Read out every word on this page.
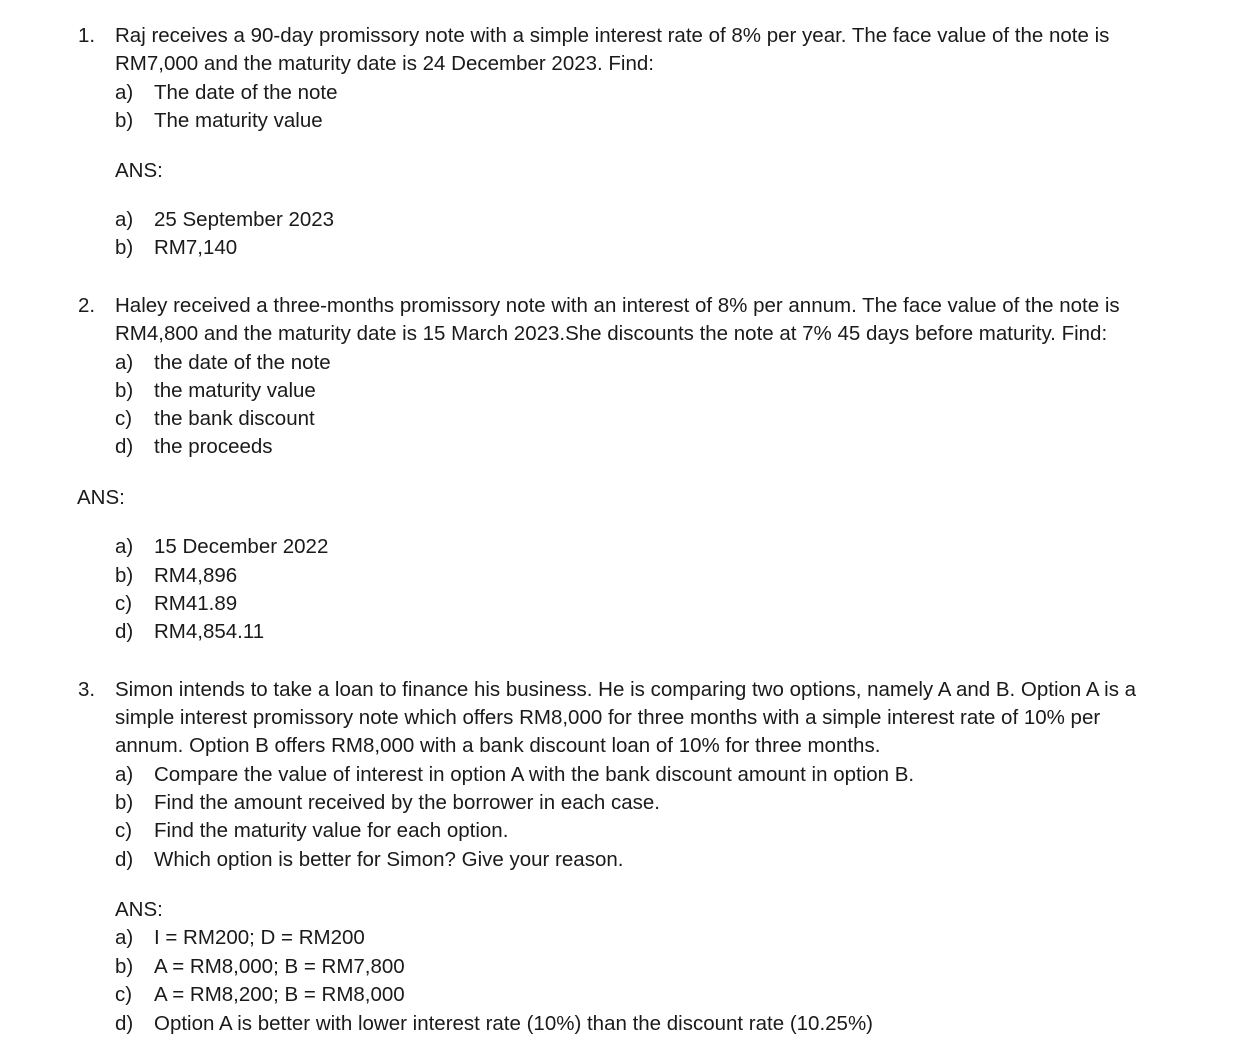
1. Raj receives a 90-day promissory note with a simple interest rate of 8% per year. The face value of the note is
RM7,000 and the maturity date is 24 December 2023. Find:
a) The date of the note
b) The maturity value
ANS:
a) 25 September 2023
b) RM7,140
2. Haley received a three-months promissory note with an interest of 8% per annum. The face value of the note is
RM4,800 and the maturity date is 15 March 2023.She discounts the note at 7% 45 days before maturity. Find:
a) the date of the note
b) the maturity value
c) the bank discount
d) the proceeds
ANS:
a) 15 December 2022
b) RM4,896
c) RM41.89
d) RM4,854.11
3. Simon intends to take a loan to finance his business. He is comparing two options, namely A and B. Option A is a
simple interest promissory note which offers RM8,000 for three months with a simple interest rate of 10% per
annum. Option B offers RM8,000 with a bank discount loan of 10% for three months.
a) Compare the value of interest in option A with the bank discount amount in option B.
b) Find the amount received by the borrower in each case.
c) Find the maturity value for each option.
d) Which option is better for Simon? Give your reason.
ANS:
a) I = RM200; D = RM200
b) A = RM8,000; B = RM7,800
c) A = RM8,200; B = RM8,000
d) Option A is better with lower interest rate (10%) than the discount rate (10.25%)
